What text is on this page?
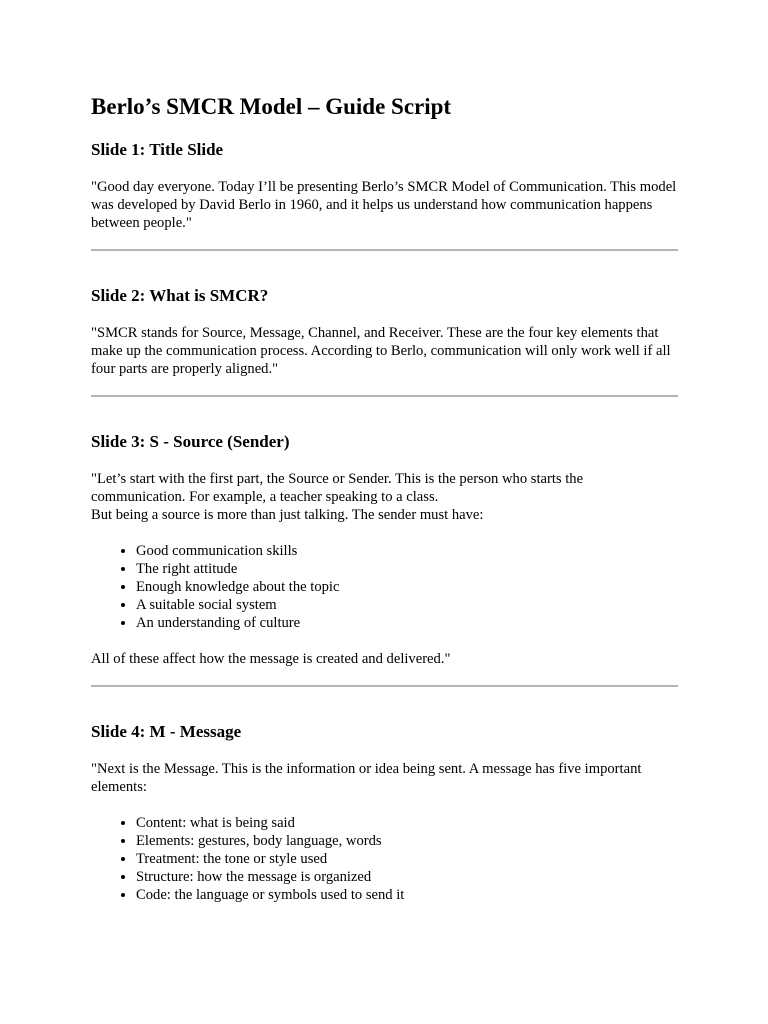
Berlo’s SMCR Model – Guide Script
Slide 1: Title Slide

"Good day everyone. Today I’ll be presenting Berlo’s SMCR Model of Communication. This model was developed by David Berlo in 1960, and it helps us understand how communication happens between people."

Slide 2: What is SMCR?

"SMCR stands for Source, Message, Channel, and Receiver. These are the four key elements that make up the communication process. According to Berlo, communication will only work well if all four parts are properly aligned."

Slide 3: S - Source (Sender)

"Let’s start with the first part, the Source or Sender. This is the person who starts the communication. For example, a teacher speaking to a class.

But being a source is more than just talking. The sender must have:

• Good communication skills
• The right attitude
• Enough knowledge about the topic
• A suitable social system
• An understanding of culture

All of these affect how the message is created and delivered."

Slide 4: M - Message

"Next is the Message. This is the information or idea being sent. A message has five important elements:

• Content: what is being said
• Elements: gestures, body language, words
• Treatment: the tone or style used
• Structure: how the message is organized
• Code: the language or symbols used to send it
